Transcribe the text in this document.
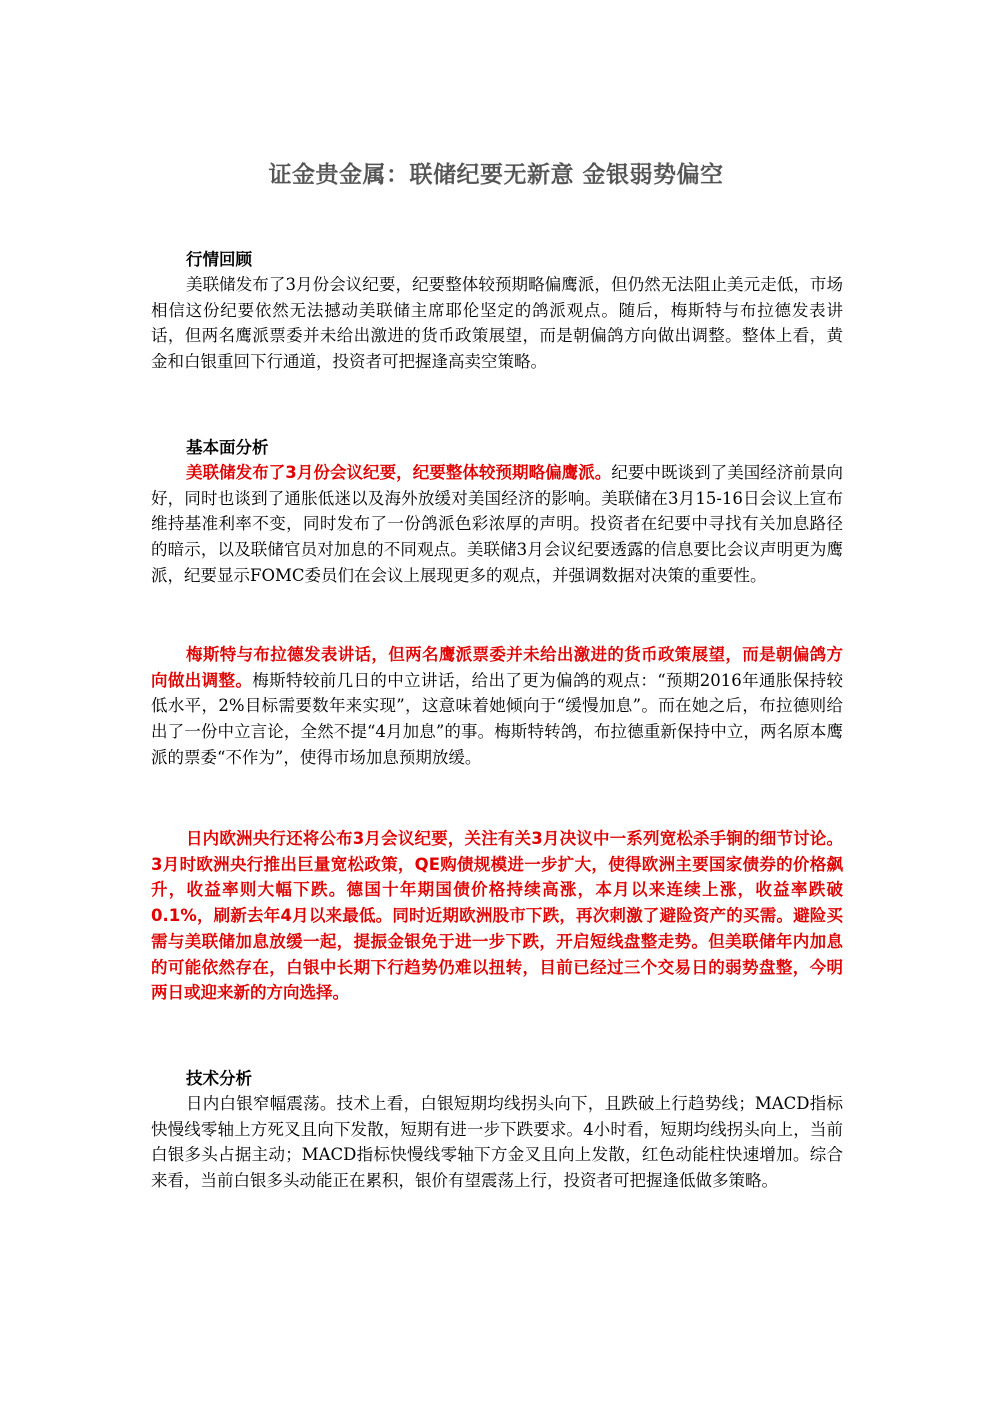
证金贵金属：联储纪要无新意 金银弱势偏空
行情回顾

美联储发布了3月份会议纪要，纪要整体较预期略偏鹰派，但仍然无法阻止美元走低，市场相信这份纪要依然无法撼动美联储主席耶伦坚定的鸽派观点。随后，梅斯特与布拉德发表讲话，但两名鹰派票委并未给出激进的货币政策展望，而是朝偏鸽方向做出调整。整体上看，黄金和白银重回下行通道，投资者可把握逢高卖空策略。

基本面分析

美联储发布了3月份会议纪要，纪要整体较预期略偏鹰派。纪要中既谈到了美国经济前景向好，同时也谈到了通胀低迷以及海外放缓对美国经济的影响。美联储在3月15-16日会议上宣布维持基准利率不变，同时发布了一份鸽派色彩浓厚的声明。投资者在纪要中寻找有关加息路径的暗示，以及联储官员对加息的不同观点。美联储3月会议纪要透露的信息要比会议声明更为鹰派，纪要显示FOMC委员们在会议上展现更多的观点，并强调数据对决策的重要性。

梅斯特与布拉德发表讲话，但两名鹰派票委并未给出激进的货币政策展望，而是朝偏鸽方向做出调整。梅斯特较前几日的中立讲话，给出了更为偏鸽的观点：“预期2016年通胀保持较低水平，2%目标需要数年来实现”，这意味着她倾向于“缓慢加息”。而在她之后，布拉德则给出了一份中立言论，全然不提“4月加息”的事。梅斯特转鸽，布拉德重新保持中立，两名原本鹰派的票委“不作为”，使得市场加息预期放缓。

日内欧洲央行还将公布3月会议纪要，关注有关3月决议中一系列宽松杀手锏的细节讨论。3月时欧洲央行推出巨量宽松政策，QE购债规模进一步扩大，使得欧洲主要国家债券的价格飙升，收益率则大幅下跌。德国十年期国债价格持续高涨，本月以来连续上涨，收益率跌破0.1%，刷新去年4月以来最低。同时近期欧洲股市下跌，再次刺激了避险资产的买需。避险买需与美联储加息放缓一起，提振金银免于进一步下跌，开启短线盘整走势。但美联储年内加息的可能依然存在，白银中长期下行趋势仍难以扭转，目前已经过三个交易日的弱势盘整，今明两日或迎来新的方向选择。

技术分析

日内白银窄幅震荡。技术上看，白银短期均线拐头向下，且跌破上行趋势线；MACD指标快慢线零轴上方死叉且向下发散，短期有进一步下跌要求。4小时看，短期均线拐头向上，当前白银多头占据主动；MACD指标快慢线零轴下方金叉且向上发散，红色动能柱快速增加。综合来看，当前白银多头动能正在累积，银价有望震荡上行，投资者可把握逢低做多策略。
